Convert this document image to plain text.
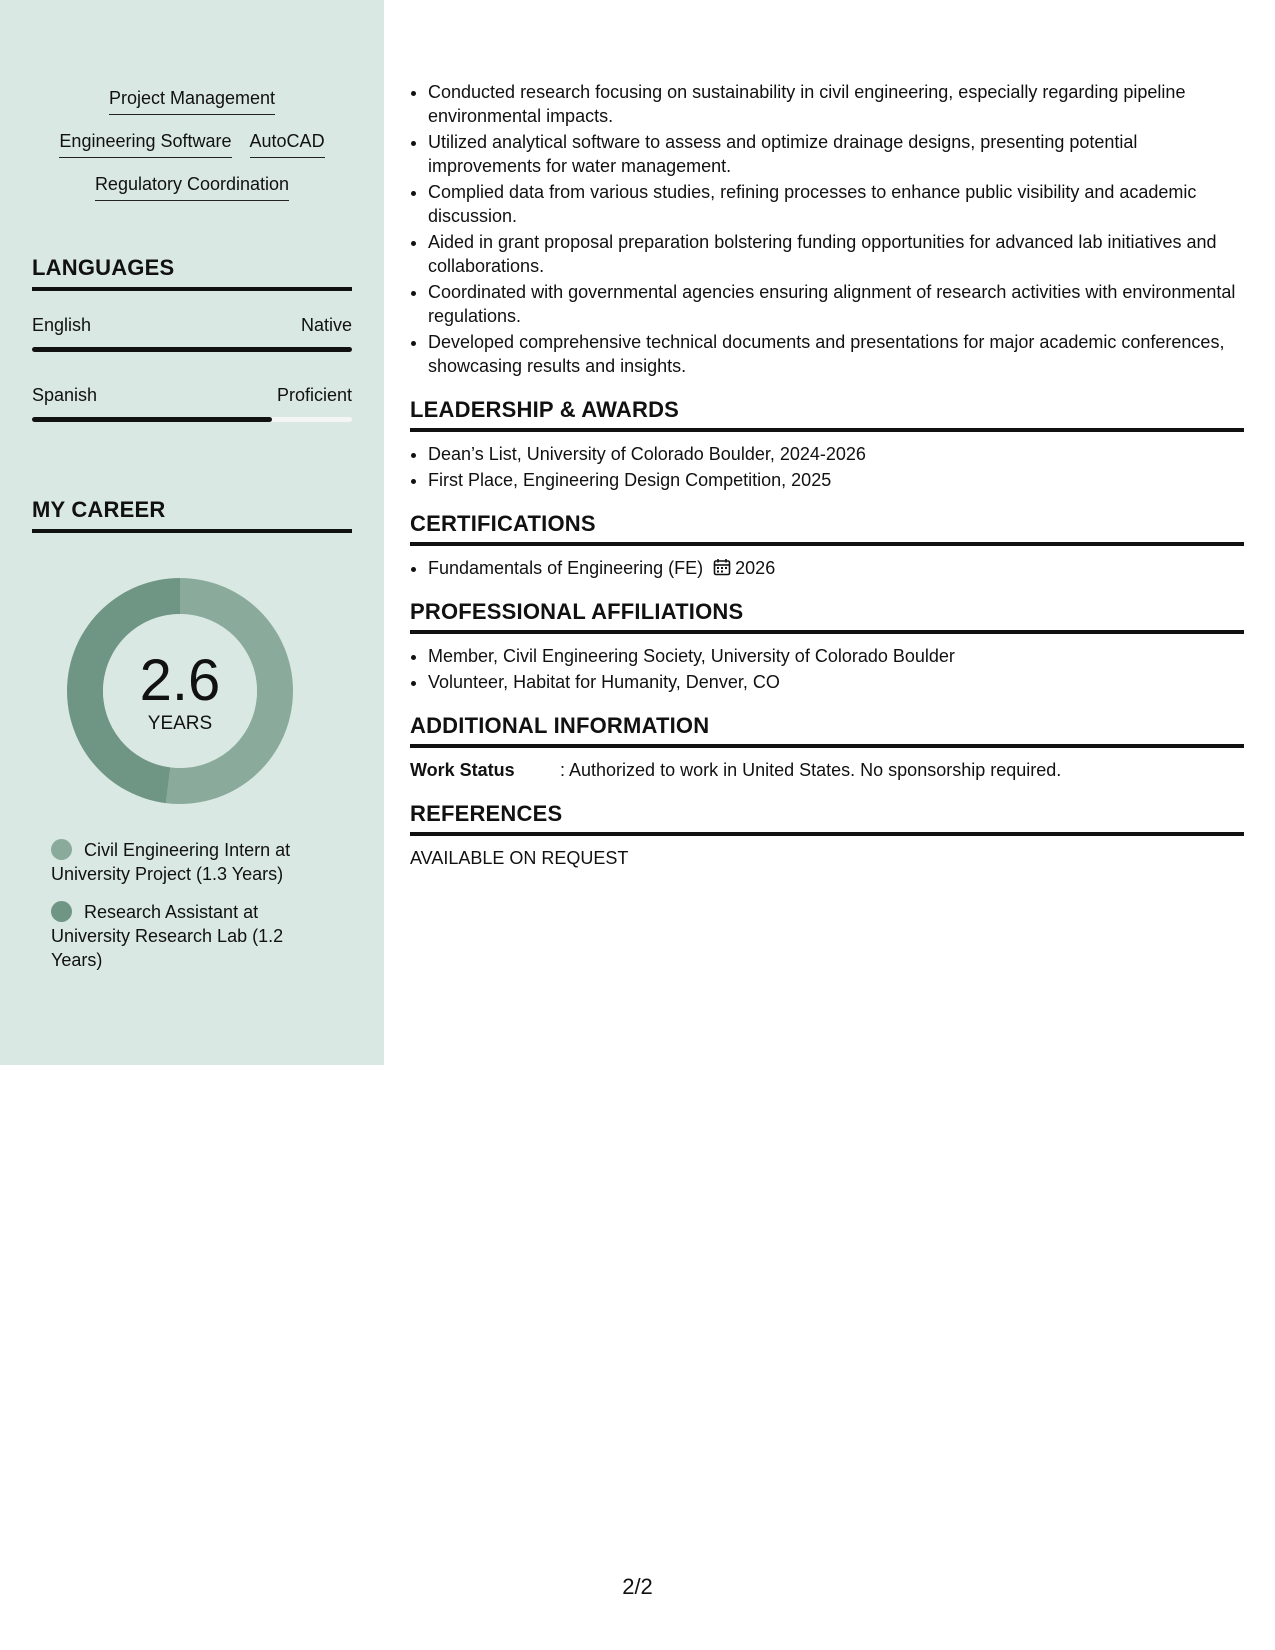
Project Management
Engineering Software AutoCAD
Regulatory Coordination
LANGUAGES
English	Native
Spanish	Proficient
MY CAREER
2.6
YEARS
Civil Engineering Intern at University Project (1.3 Years)
Research Assistant at University Research Lab (1.2 Years)
• Conducted research focusing on sustainability in civil engineering, especially regarding pipeline environmental impacts.
• Utilized analytical software to assess and optimize drainage designs, presenting potential improvements for water management.
• Complied data from various studies, refining processes to enhance public visibility and academic discussion.
• Aided in grant proposal preparation bolstering funding opportunities for advanced lab initiatives and collaborations.
• Coordinated with governmental agencies ensuring alignment of research activities with environmental regulations.
• Developed comprehensive technical documents and presentations for major academic conferences, showcasing results and insights.
LEADERSHIP & AWARDS
• Dean’s List, University of Colorado Boulder, 2024-2026
• First Place, Engineering Design Competition, 2025
CERTIFICATIONS
• Fundamentals of Engineering (FE) 2026
PROFESSIONAL AFFILIATIONS
• Member, Civil Engineering Society, University of Colorado Boulder
• Volunteer, Habitat for Humanity, Denver, CO
ADDITIONAL INFORMATION
Work Status	: Authorized to work in United States. No sponsorship required.
REFERENCES
AVAILABLE ON REQUEST
2/2
